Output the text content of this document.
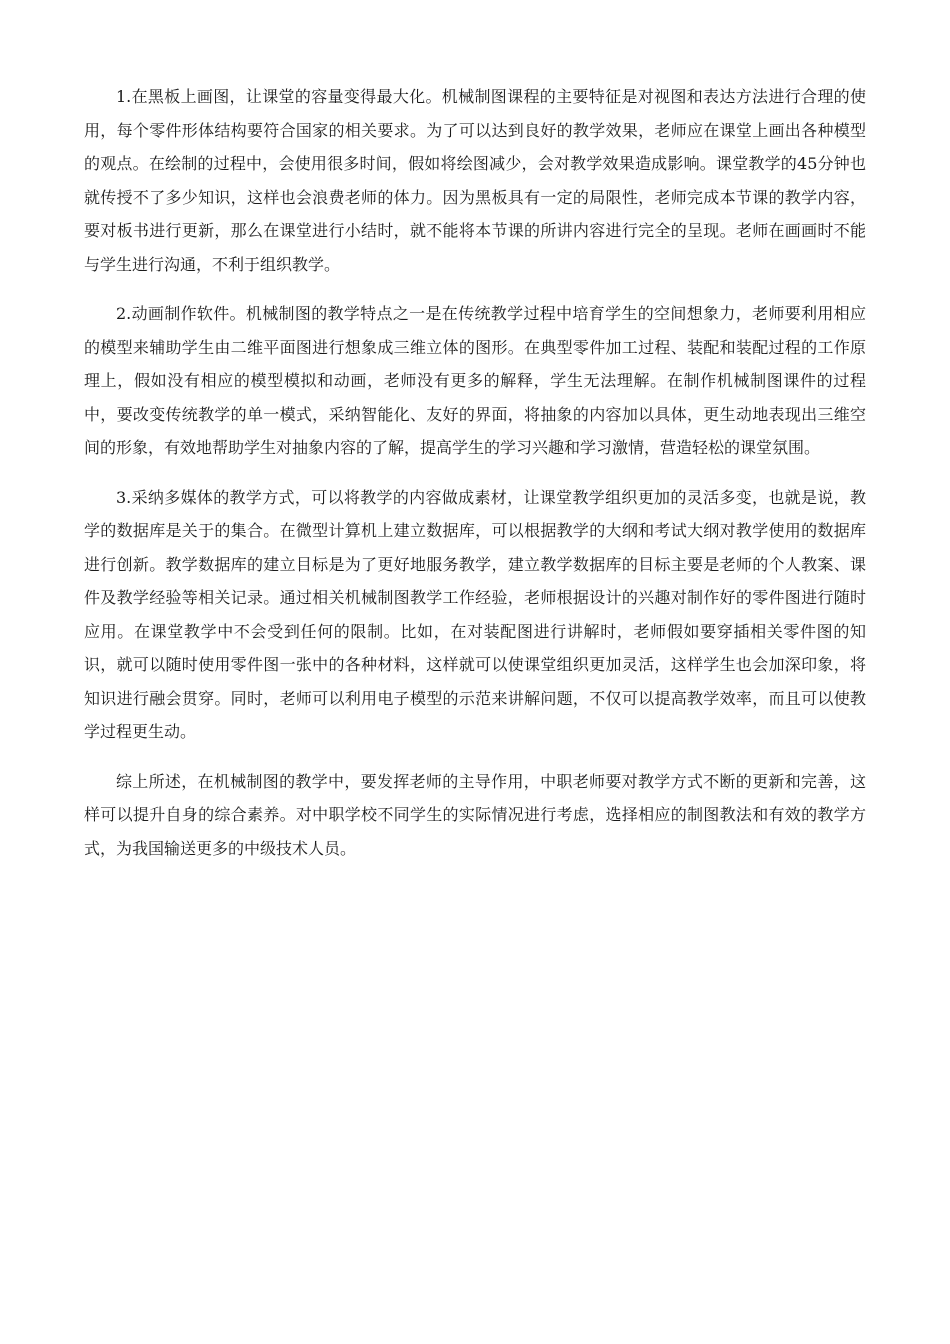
1.在黑板上画图，让课堂的容量变得最大化。机械制图课程的主要特征是对视图和表达方法进行合理的使用，每个零件形体结构要符合国家的相关要求。为了可以达到良好的教学效果，老师应在课堂上画出各种模型的观点。在绘制的过程中，会使用很多时间，假如将绘图减少，会对教学效果造成影响。课堂教学的45分钟也就传授不了多少知识，这样也会浪费老师的体力。因为黑板具有一定的局限性，老师完成本节课的教学内容，要对板书进行更新，那么在课堂进行小结时，就不能将本节课的所讲内容进行完全的呈现。老师在画画时不能与学生进行沟通，不利于组织教学。

2.动画制作软件。机械制图的教学特点之一是在传统教学过程中培育学生的空间想象力，老师要利用相应的模型来辅助学生由二维平面图进行想象成三维立体的图形。在典型零件加工过程、装配和装配过程的工作原理上，假如没有相应的模型模拟和动画，老师没有更多的解释，学生无法理解。在制作机械制图课件的过程中，要改变传统教学的单一模式，采纳智能化、友好的界面，将抽象的内容加以具体，更生动地表现出三维空间的形象，有效地帮助学生对抽象内容的了解，提高学生的学习兴趣和学习激情，营造轻松的课堂氛围。

3.采纳多媒体的教学方式，可以将教学的内容做成素材，让课堂教学组织更加的灵活多变，也就是说，教学的数据库是关于的集合。在微型计算机上建立数据库，可以根据教学的大纲和考试大纲对教学使用的数据库进行创新。教学数据库的建立目标是为了更好地服务教学，建立教学数据库的目标主要是老师的个人教案、课件及教学经验等相关记录。通过相关机械制图教学工作经验，老师根据设计的兴趣对制作好的零件图进行随时应用。在课堂教学中不会受到任何的限制。比如，在对装配图进行讲解时，老师假如要穿插相关零件图的知识，就可以随时使用零件图一张中的各种材料，这样就可以使课堂组织更加灵活，这样学生也会加深印象，将知识进行融会贯穿。同时，老师可以利用电子模型的示范来讲解问题，不仅可以提高教学效率，而且可以使教学过程更生动。

综上所述，在机械制图的教学中，要发挥老师的主导作用，中职老师要对教学方式不断的更新和完善，这样可以提升自身的综合素养。对中职学校不同学生的实际情况进行考虑，选择相应的制图教法和有效的教学方式，为我国输送更多的中级技术人员。
